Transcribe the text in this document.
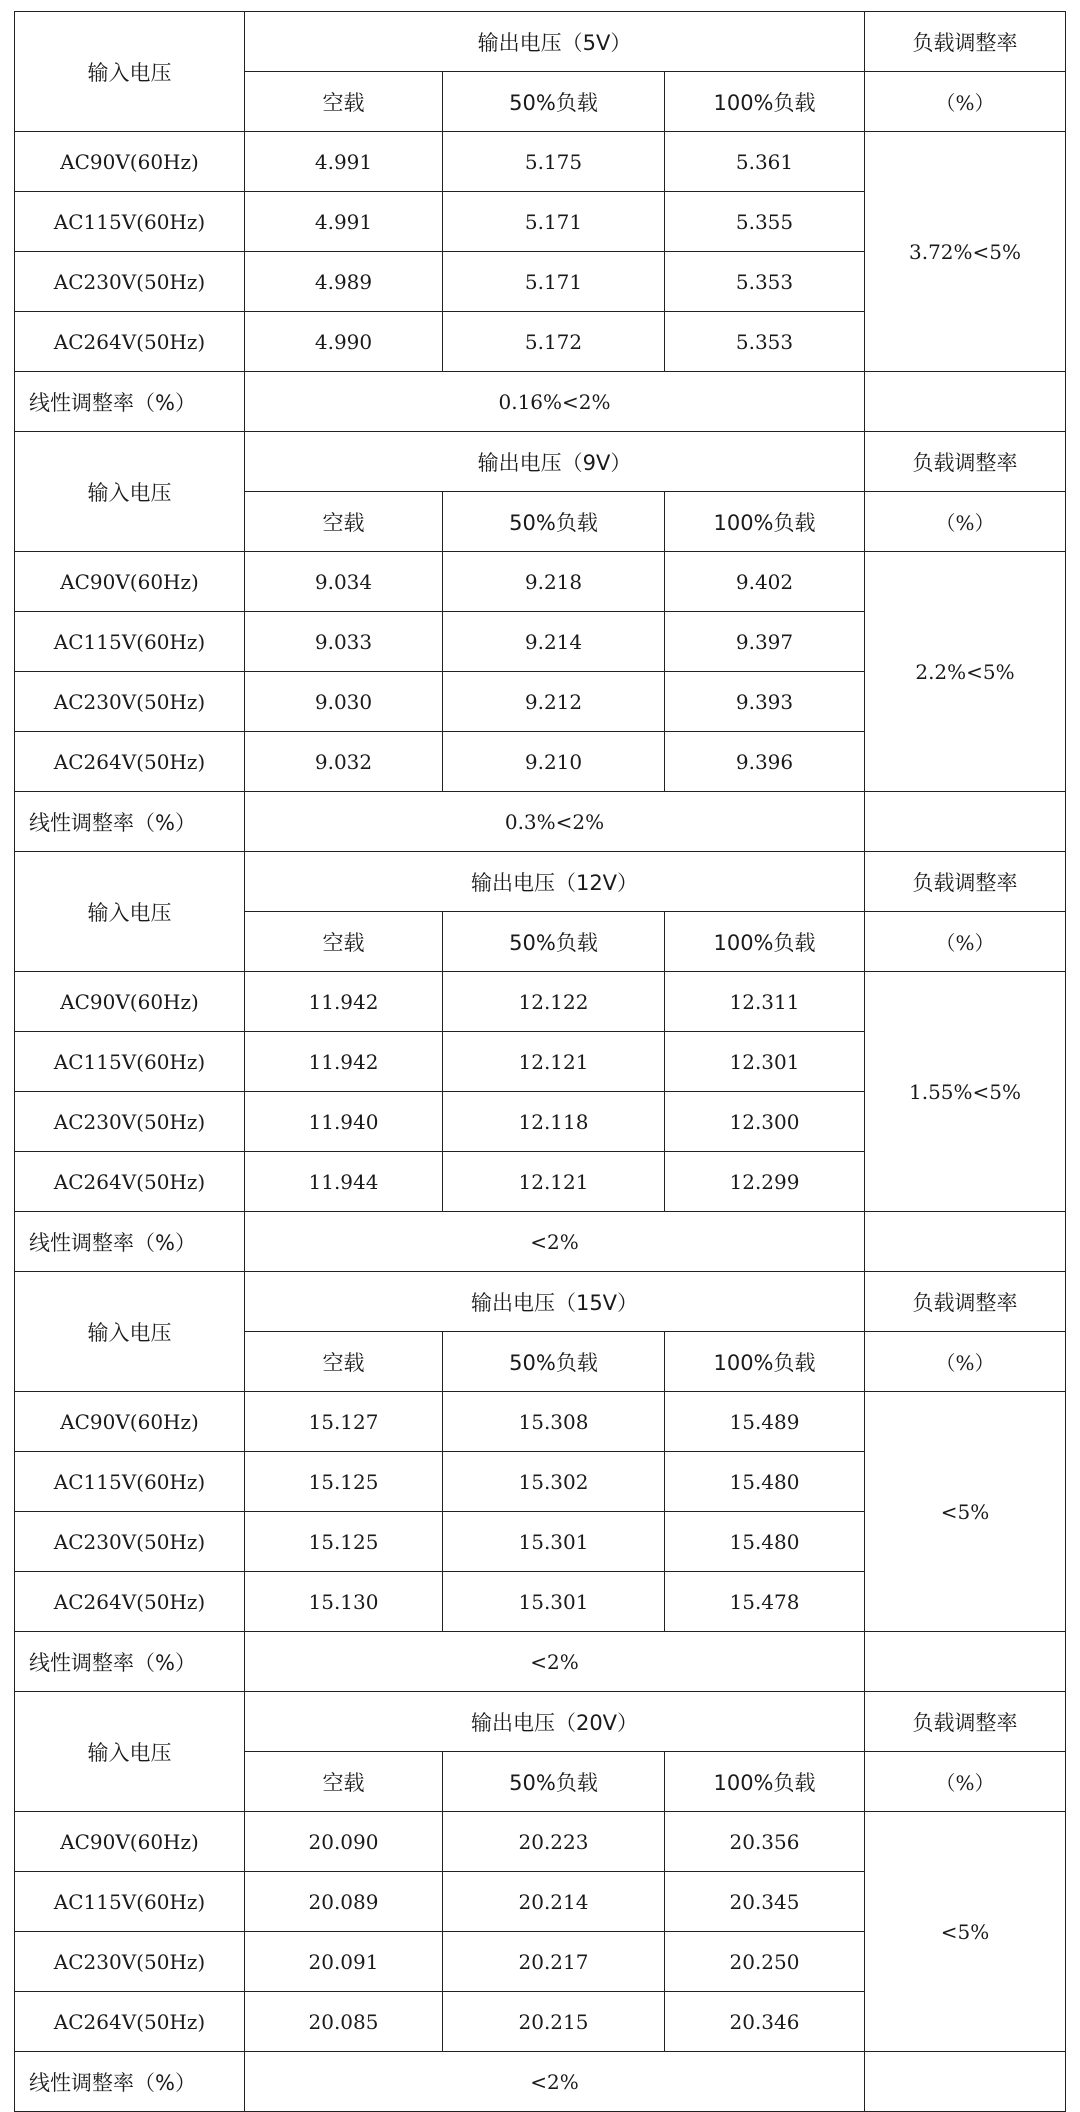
输入电压	输出电压（5V）			负载调整率
	空载	50%负载	100%负载	（%）
AC90V(60Hz)	4.991	5.175	5.361	3.72%<5%
AC115V(60Hz)	4.991	5.171	5.355	
AC230V(50Hz)	4.989	5.171	5.353	
AC264V(50Hz)	4.990	5.172	5.353	
线性调整率（%）	0.16%<2%			
输入电压	输出电压（9V）			负载调整率
	空载	50%负载	100%负载	（%）
AC90V(60Hz)	9.034	9.218	9.402	2.2%<5%
AC115V(60Hz)	9.033	9.214	9.397	
AC230V(50Hz)	9.030	9.212	9.393	
AC264V(50Hz)	9.032	9.210	9.396	
线性调整率（%）	0.3%<2%			
输入电压	输出电压（12V）			负载调整率
	空载	50%负载	100%负载	（%）
AC90V(60Hz)	11.942	12.122	12.311	1.55%<5%
AC115V(60Hz)	11.942	12.121	12.301	
AC230V(50Hz)	11.940	12.118	12.300	
AC264V(50Hz)	11.944	12.121	12.299	
线性调整率（%）	<2%			
输入电压	输出电压（15V）			负载调整率
	空载	50%负载	100%负载	（%）
AC90V(60Hz)	15.127	15.308	15.489	<5%
AC115V(60Hz)	15.125	15.302	15.480	
AC230V(50Hz)	15.125	15.301	15.480	
AC264V(50Hz)	15.130	15.301	15.478	
线性调整率（%）	<2%			
输入电压	输出电压（20V）			负载调整率
	空载	50%负载	100%负载	（%）
AC90V(60Hz)	20.090	20.223	20.356	<5%
AC115V(60Hz)	20.089	20.214	20.345	
AC230V(50Hz)	20.091	20.217	20.250	
AC264V(50Hz)	20.085	20.215	20.346	
线性调整率（%）	<2%			
